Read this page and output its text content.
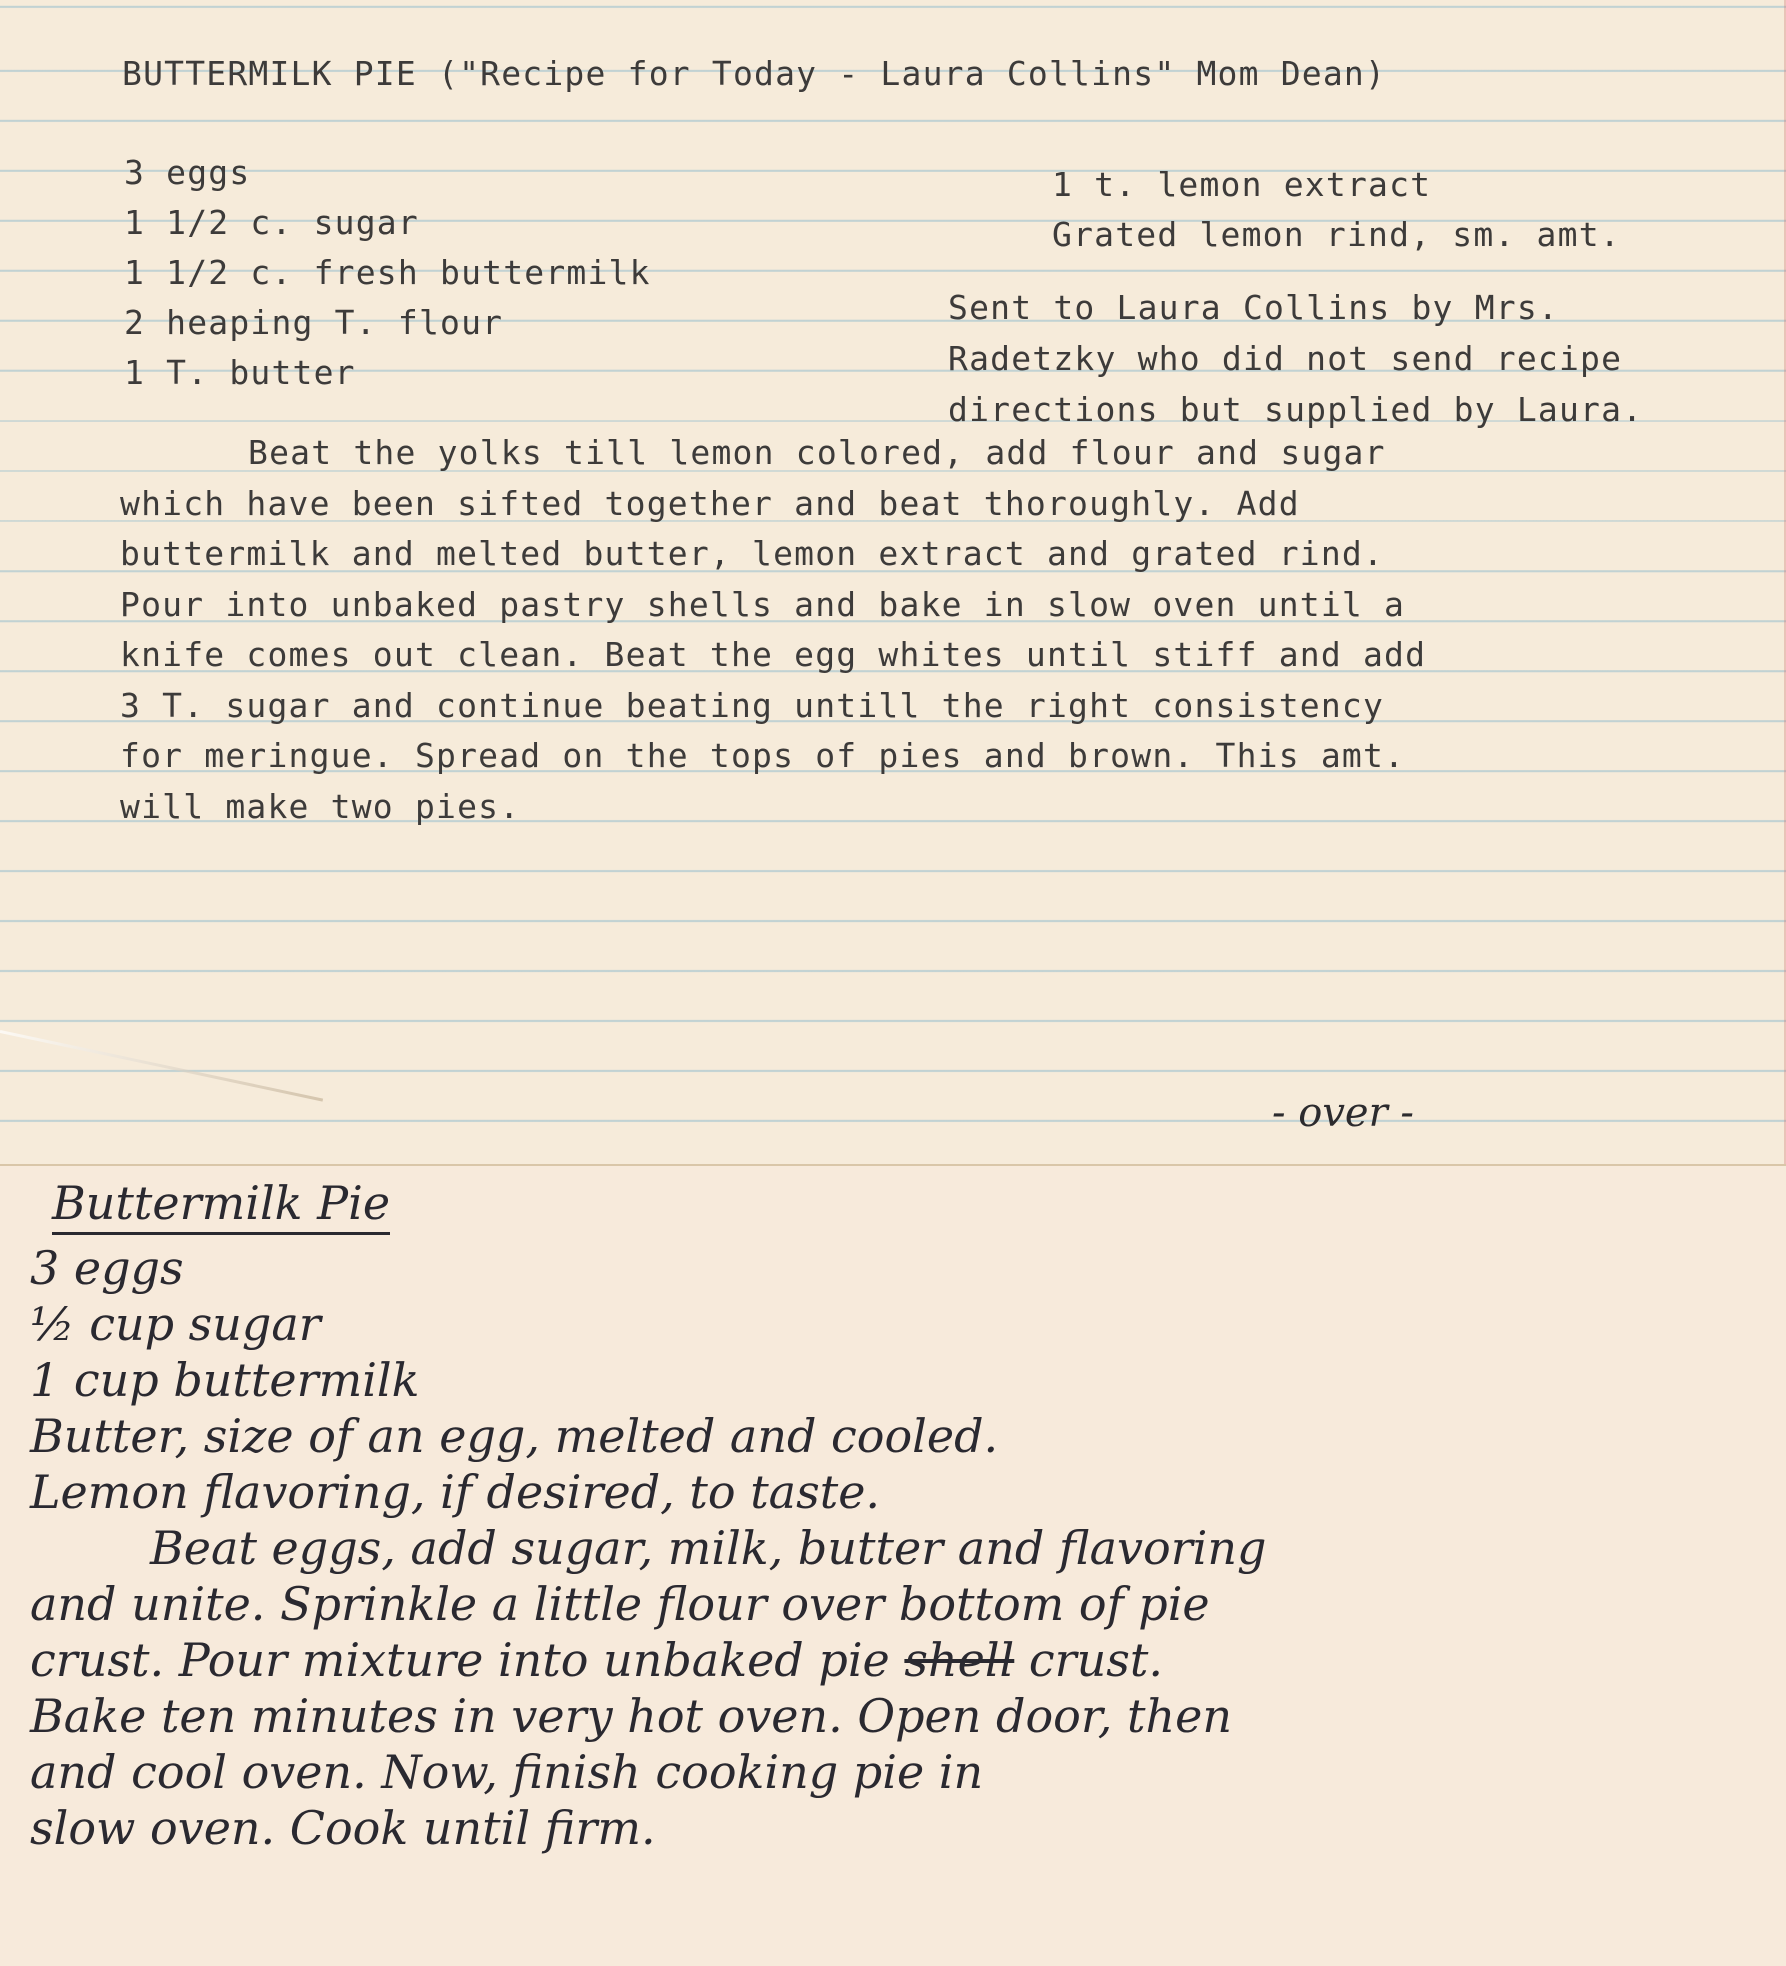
BUTTERMILK PIE ("Recipe for Today - Laura Collins" Mom Dean)
3 eggs
1 1/2 c. sugar
1 1/2 c. fresh buttermilk
2 heaping T. flour
1 T. butter
1 t. lemon extract
Grated lemon rind, sm. amt.
Sent to Laura Collins by Mrs.
Radetzky who did not send recipe
directions but supplied by Laura.
Beat the yolks till lemon colored, add flour and sugar
which have been sifted together and beat thoroughly. Add
buttermilk and melted butter, lemon extract and grated rind.
Pour into unbaked pastry shells and bake in slow oven until a
knife comes out clean. Beat the egg whites until stiff and add
3 T. sugar and continue beating untill the right consistency
for meringue. Spread on the tops of pies and brown. This amt.
will make two pies.
- over -
Buttermilk Pie
3 eggs
½ cup sugar
1 cup buttermilk
Butter, size of an egg, melted and cooled.
Lemon flavoring, if desired, to taste.
Beat eggs, add sugar, milk, butter and flavoring
and unite. Sprinkle a little flour over bottom of pie
crust. Pour mixture into unbaked pie shell crust.
Bake ten minutes in very hot oven. Open door, then
and cool oven. Now, finish cooking pie in
slow oven. Cook until firm.
